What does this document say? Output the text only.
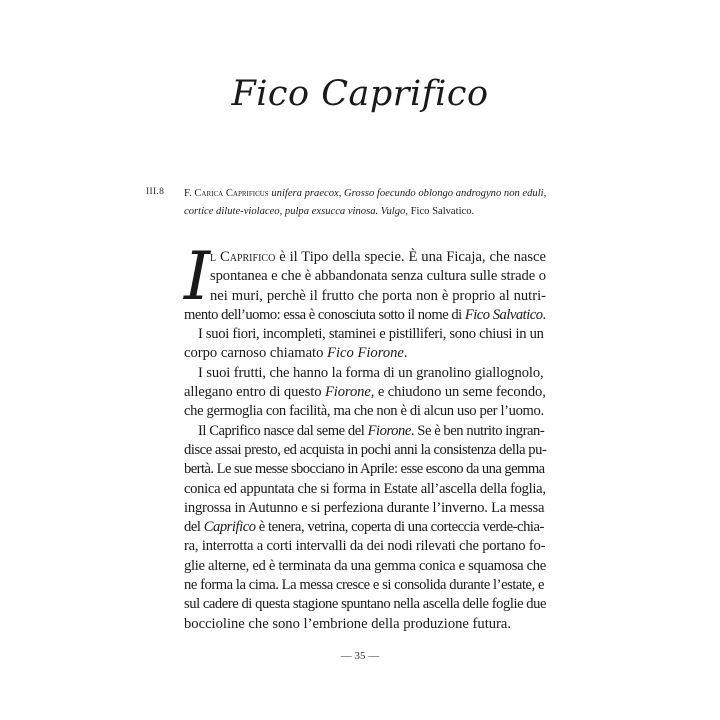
Fico Caprifico
III.8 F. Carica Caprificus unifera praecox, Grosso foecundo oblongo androgyno non eduli,
cortice dilute-violaceo, pulpa exsucca vinosa. Vulgo, Fico Salvatico.
I l Caprifico è il Tipo della specie. È una Ficaja, che nasce
spontanea e che è abbandonata senza cultura sulle strade o
nei muri, perchè il frutto che porta non è proprio al nutri-
mento dell’uomo: essa è conosciuta sotto il nome di Fico Salvatico.
I suoi fiori, incompleti, staminei e pistilliferi, sono chiusi in un
corpo carnoso chiamato Fico Fiorone.
I suoi frutti, che hanno la forma di un granolino giallognolo,
allegano entro di questo Fiorone, e chiudono un seme fecondo,
che germoglia con facilità, ma che non è di alcun uso per l’uomo.
Il Caprifico nasce dal seme del Fiorone. Se è ben nutrito ingran-
disce assai presto, ed acquista in pochi anni la consistenza della pu-
bertà. Le sue messe sbocciano in Aprile: esse escono da una gemma
conica ed appuntata che si forma in Estate all’ascella della foglia,
ingrossa in Autunno e si perfeziona durante l’inverno. La messa
del Caprifico è tenera, vetrina, coperta di una corteccia verde-chia-
ra, interrotta a corti intervalli da dei nodi rilevati che portano fo-
glie alterne, ed è terminata da una gemma conica e squamosa che
ne forma la cima. La messa cresce e si consolida durante l’estate, e
sul cadere di questa stagione spuntano nella ascella delle foglie due
boccioline che sono l’embrione della produzione futura.
— 35 —
